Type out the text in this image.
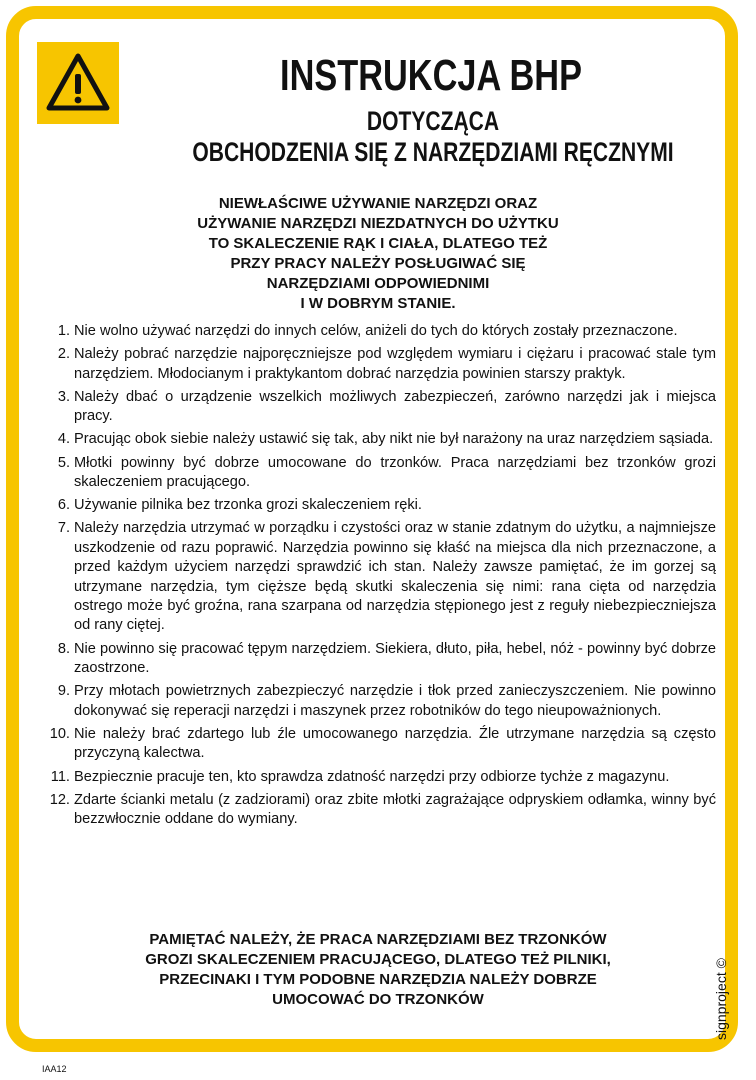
INSTRUKCJA BHP
DOTYCZĄCA
OBCHODZENIA SIĘ Z NARZĘDZIAMI RĘCZNYMI
NIEWŁAŚCIWE UŻYWANIE NARZĘDZI ORAZ
UŻYWANIE NARZĘDZI NIEZDATNYCH DO UŻYTKU
TO SKALECZENIE RĄK I CIAŁA, DLATEGO TEŻ
PRZY PRACY NALEŻY POSŁUGIWAĆ SIĘ
NARZĘDZIAMI ODPOWIEDNIMI
I W DOBRYM STANIE.
1. Nie wolno używać narzędzi do innych celów, aniżeli do tych do których zostały przeznaczone.
2. Należy pobrać narzędzie najporęczniejsze pod względem wymiaru i ciężaru i pracować stale tym narzędziem. Młodocianym i praktykantom dobrać narzędzia powinien starszy praktyk.
3. Należy dbać o urządzenie wszelkich możliwych zabezpieczeń, zarówno narzędzi jak i miejsca pracy.
4. Pracując obok siebie należy ustawić się tak, aby nikt nie był narażony na uraz narzędziem sąsiada.
5. Młotki powinny być dobrze umocowane do trzonków. Praca narzędziami bez trzonków grozi skaleczeniem pracującego.
6. Używanie pilnika bez trzonka grozi skaleczeniem ręki.
7. Należy narzędzia utrzymać w porządku i czystości oraz w stanie zdatnym do użytku, a najmniejsze uszkodzenie od razu poprawić. Narzędzia powinno się kłaść na miejsca dla nich przeznaczone, a przed każdym użyciem narzędzi sprawdzić ich stan. Należy zawsze pamiętać, że im gorzej są utrzymane narzędzia, tym cięższe będą skutki skaleczenia się nimi: rana cięta od narzędzia ostrego może być groźna, rana szarpana od narzędzia stępionego jest z reguły niebezpieczniejsza od rany ciętej.
8. Nie powinno się pracować tępym narzędziem. Siekiera, dłuto, piła, hebel, nóż - powinny być dobrze zaostrzone.
9. Przy młotach powietrznych zabezpieczyć narzędzie i tłok przed zanieczyszczeniem. Nie powinno dokonywać się reperacji narzędzi i maszynek przez robotników do tego nieupoważnionych.
10. Nie należy brać zdartego lub źle umocowanego narzędzia. Źle utrzymane narzędzia są często przyczyną kalectwa.
11. Bezpiecznie pracuje ten, kto sprawdza zdatność narzędzi przy odbiorze tychże z magazynu.
12. Zdarte ścianki metalu (z zadziorami) oraz zbite młotki zagrażające odpryskiem odłamka, winny być bezzwłocznie oddane do wymiany.
PAMIĘTAĆ NALEŻY, ŻE PRACA NARZĘDZIAMI BEZ TRZONKÓW
GROZI SKALECZENIEM PRACUJĄCEGO, DLATEGO TEŻ PILNIKI,
PRZECINAKI I TYM PODOBNE NARZĘDZIA NALEŻY DOBRZE
UMOCOWAĆ DO TRZONKÓW	signproject ©
IAA12
